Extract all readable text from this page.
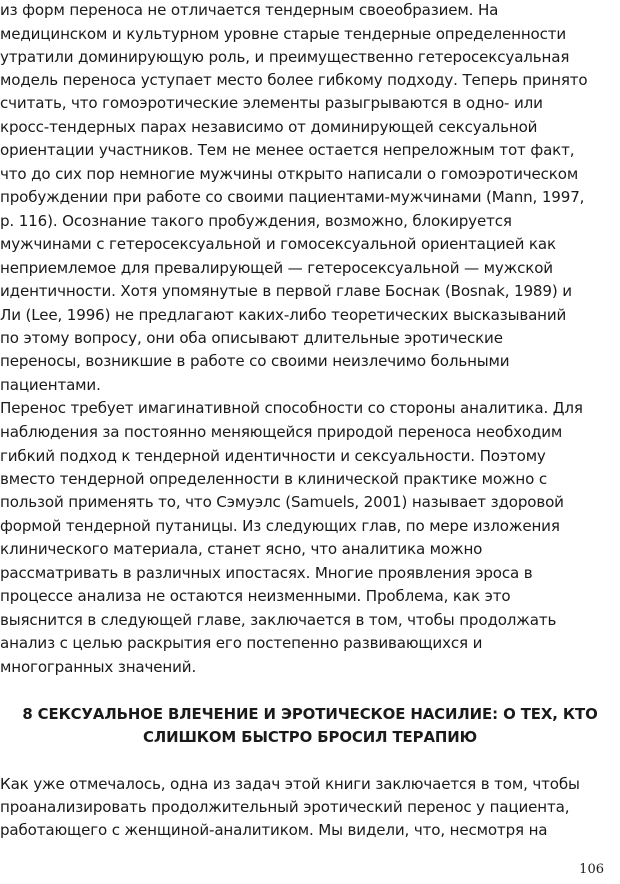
из форм переноса не отличается тендерным своеобразием. На
медицинском и культурном уровне старые тендерные определенности
утратили доминирующую роль, и преимущественно гетеросексуальная
модель переноса уступает место более гибкому подходу. Теперь принято
считать, что гомоэротические элементы разыгрываются в одно- или
кросс-тендерных парах независимо от доминирующей сексуальной
ориентации участников. Тем не менее остается непреложным тот факт,
что до сих пор немногие мужчины открыто написали о гомоэротическом
пробуждении при работе со своими пациентами-мужчинами (Mann, 1997,
р. 116). Осознание такого пробуждения, возможно, блокируется
мужчинами с гетеросексуальной и гомосексуальной ориентацией как
неприемлемое для превалирующей — гетеросексуальной — мужской
идентичности. Хотя упомянутые в первой главе Боснак (Bosnak, 1989) и
Ли (Lee, 1996) не предлагают каких-либо теоретических высказываний
по этому вопросу, они оба описывают длительные эротические
переносы, возникшие в работе со своими неизлечимо больными
пациентами.
Перенос требует имагинативной способности со стороны аналитика. Для
наблюдения за постоянно меняющейся природой переноса необходим
гибкий подход к тендерной идентичности и сексуальности. Поэтому
вместо тендерной определенности в клинической практике можно с
пользой применять то, что Сэмуэлс (Samuels, 2001) называет здоровой
формой тендерной путаницы. Из следующих глав, по мере изложения
клинического материала, станет ясно, что аналитика можно
рассматривать в различных ипостасях. Многие проявления эроса в
процессе анализа не остаются неизменными. Проблема, как это
выяснится в следующей главе, заключается в том, чтобы продолжать
анализ с целью раскрытия его постепенно развивающихся и
многогранных значений.
8 СЕКСУАЛЬНОЕ ВЛЕЧЕНИЕ И ЭРОТИЧЕСКОЕ НАСИЛИЕ: О ТЕХ, КТО
СЛИШКОМ БЫСТРО БРОСИЛ ТЕРАПИЮ
Как уже отмечалось, одна из задач этой книги заключается в том, чтобы
проанализировать продолжительный эротический перенос у пациента,
работающего с женщиной-аналитиком. Мы видели, что, несмотря на
106
